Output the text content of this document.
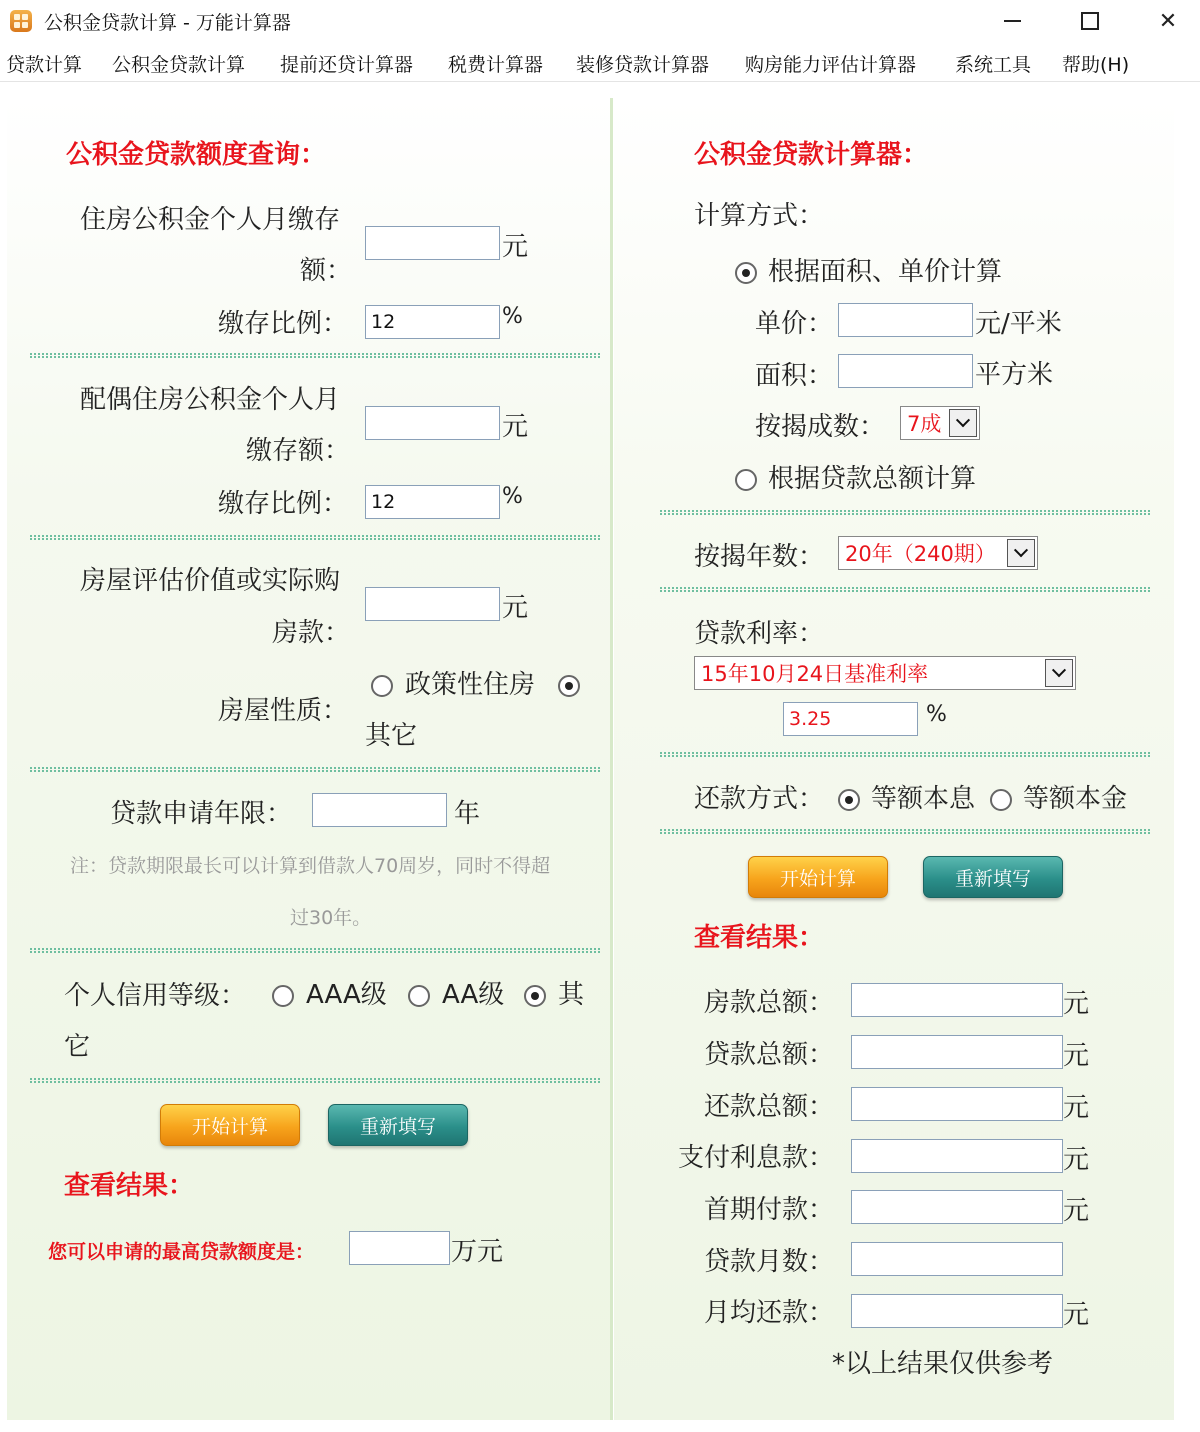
公积金贷款计算 - 万能计算器	✕
贷款计算 公积金贷款计算 提前还贷计算器 税费计算器 装修贷款计算器 购房能力评估计算器 系统工具 帮助(H)
公积金贷款额度查询：
住房公积金个人月缴存
额：
元
缴存比例：
12	%
配偶住房公积金个人月
缴存额：
元
缴存比例：
12	%
房屋评估价值或实际购
房款：
元
房屋性质：
政策性住房
其它
贷款申请年限：	年
注：贷款期限最长可以计算到借款人70周岁，同时不得超
过30年。
个人信用等级： AAA级 AA级 其
它
开始计算	重新填写
查看结果：
您可以申请的最高贷款额度是：	万元
公积金贷款计算器：
计算方式：
根据面积、单价计算
单价：	元/平米
面积：	平方米
按揭成数： 7成
根据贷款总额计算
按揭年数： 20年（240期）
贷款利率：
15年10月24日基准利率
3.25
%
还款方式： 等额本息 等额本金
开始计算	重新填写
查看结果：
房款总额：	元
贷款总额：	元
还款总额：	元
支付利息款：	元
首期付款：	元
贷款月数：
月均还款：	元
*以上结果仅供参考
